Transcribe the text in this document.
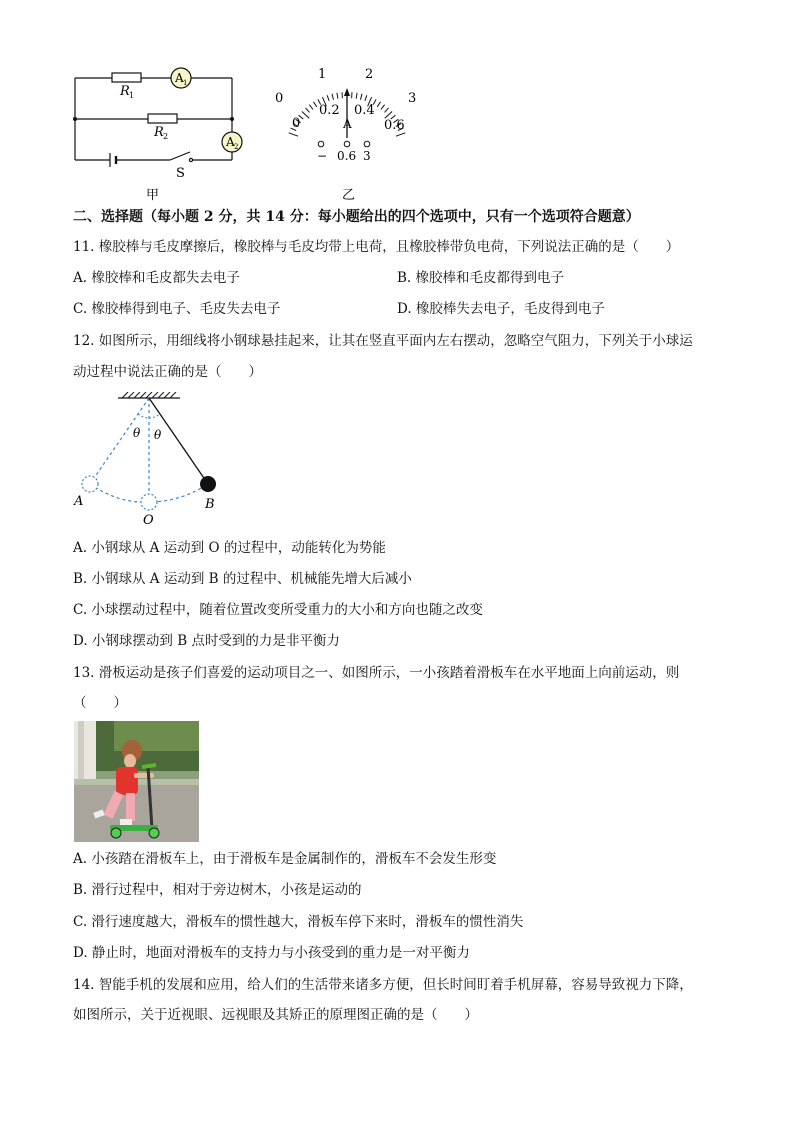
R 1
R 2
A 1
A 2
S
甲
0
1	2
3
0
0.2 0.4
0.6
A
− 0.6 3
乙
二、选择题（每小题 2 分，共 14 分：每小题给出的四个选项中，只有一个选项符合题意）
11. 橡胶棒与毛皮摩擦后，橡胶棒与毛皮均带上电荷，且橡胶棒带负电荷，下列说法正确的是（　　）
A. 橡胶棒和毛皮都失去电子	B. 橡胶棒和毛皮都得到电子
C. 橡胶棒得到电子、毛皮失去电子	D. 橡胶棒失去电子，毛皮得到电子
12. 如图所示，用细线将小钢球悬挂起来，让其在竖直平面内左右摆动，忽略空气阻力，下列关于小球运
动过程中说法正确的是（　　）
θ θ
A
O
B
A. 小钢球从 A 运动到 O 的过程中，动能转化为势能
B. 小钢球从 A 运动到 B 的过程中、机械能先增大后减小
C. 小球摆动过程中，随着位置改变所受重力的大小和方向也随之改变
D. 小钢球摆动到 B 点时受到的力是非平衡力
13. 滑板运动是孩子们喜爱的运动项目之一、如图所示，一小孩踏着滑板车在水平地面上向前运动，则
（　　）
A. 小孩踏在滑板车上，由于滑板车是金属制作的，滑板车不会发生形变
B. 滑行过程中，相对于旁边树木，小孩是运动的
C. 滑行速度越大，滑板车的惯性越大，滑板车停下来时，滑板车的惯性消失
D. 静止时，地面对滑板车的支持力与小孩受到的重力是一对平衡力
14. 智能手机的发展和应用，给人们的生活带来诸多方便，但长时间盯着手机屏幕，容易导致视力下降，
如图所示，关于近视眼、远视眼及其矫正的原理图正确的是（　　）
